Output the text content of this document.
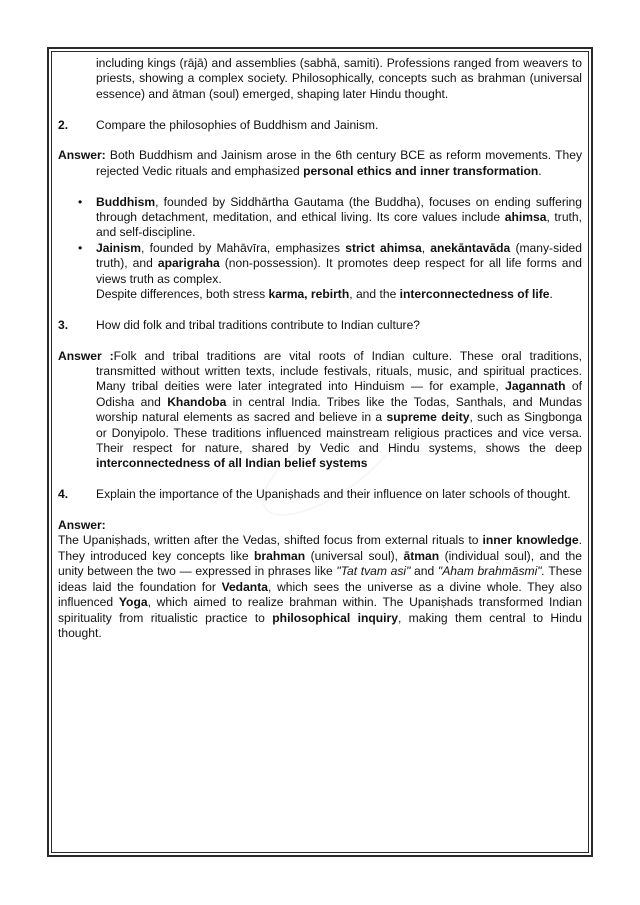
including kings (rājā) and assemblies (sabhā, samiti). Professions ranged from weavers to priests, showing a complex society. Philosophically, concepts such as brahman (universal essence) and ātman (soul) emerged, shaping later Hindu thought.

2.	Compare the philosophies of Buddhism and Jainism.

Answer: Both Buddhism and Jainism arose in the 6th century BCE as reform movements. They rejected Vedic rituals and emphasized personal ethics and inner transformation.

• Buddhism, founded by Siddhārtha Gautama (the Buddha), focuses on ending suffering through detachment, meditation, and ethical living. Its core values include ahimsa, truth, and self-discipline.
• Jainism, founded by Mahāvīra, emphasizes strict ahimsa, anekāntavāda (many-sided truth), and aparigraha (non-possession). It promotes deep respect for all life forms and views truth as complex.

Despite differences, both stress karma, rebirth, and the interconnectedness of life.

3.	How did folk and tribal traditions contribute to Indian culture?

Answer :Folk and tribal traditions are vital roots of Indian culture. These oral traditions, transmitted without written texts, include festivals, rituals, music, and spiritual practices. Many tribal deities were later integrated into Hinduism — for example, Jagannath of Odisha and Khandoba in central India. Tribes like the Todas, Santhals, and Mundas worship natural elements as sacred and believe in a supreme deity, such as Singbonga or Donyipolo. These traditions influenced mainstream religious practices and vice versa. Their respect for nature, shared by Vedic and Hindu systems, shows the deep interconnectedness of all Indian belief systems

4.	Explain the importance of the Upaniṣhads and their influence on later schools of thought.

Answer:

The Upaniṣhads, written after the Vedas, shifted focus from external rituals to inner knowledge. They introduced key concepts like brahman (universal soul), ātman (individual soul), and the unity between the two — expressed in phrases like "Tat tvam asi" and "Aham brahmāsmi". These ideas laid the foundation for Vedanta, which sees the universe as a divine whole. They also influenced Yoga, which aimed to realize brahman within. The Upaniṣhads transformed Indian spirituality from ritualistic practice to philosophical inquiry, making them central to Hindu thought.
